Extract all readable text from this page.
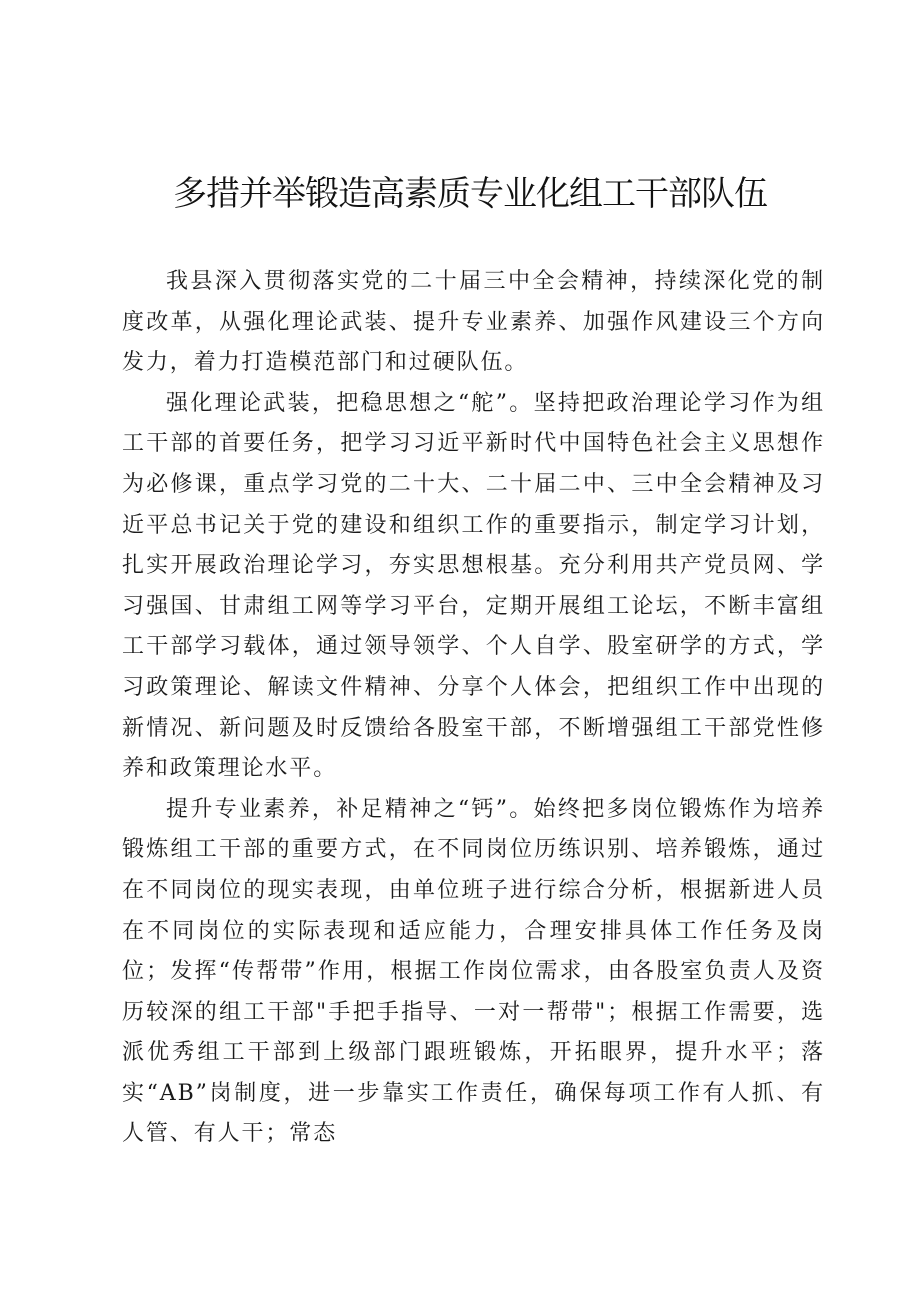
多措并举锻造高素质专业化组工干部队伍

我县深入贯彻落实党的二十届三中全会精神，持续深化党的制度改革，从强化理论武装、提升专业素养、加强作风建设三个方向发力，着力打造模范部门和过硬队伍。

强化理论武装，把稳思想之“舵”。坚持把政治理论学习作为组工干部的首要任务，把学习习近平新时代中国特色社会主义思想作为必修课，重点学习党的二十大、二十届二中、三中全会精神及习近平总书记关于党的建设和组织工作的重要指示，制定学习计划，扎实开展政治理论学习，夯实思想根基。充分利用共产党员网、学习强国、甘肃组工网等学习平台，定期开展组工论坛，不断丰富组工干部学习载体，通过领导领学、个人自学、股室研学的方式，学习政策理论、解读文件精神、分享个人体会，把组织工作中出现的新情况、新问题及时反馈给各股室干部，不断增强组工干部党性修养和政策理论水平。

提升专业素养，补足精神之“钙”。始终把多岗位锻炼作为培养锻炼组工干部的重要方式，在不同岗位历练识别、培养锻炼，通过在不同岗位的现实表现，由单位班子进行综合分析，根据新进人员在不同岗位的实际表现和适应能力，合理安排具体工作任务及岗位；发挥“传帮带”作用，根据工作岗位需求，由各股室负责人及资历较深的组工干部"手把手指导、一对一帮带"；根据工作需要，选派优秀组工干部到上级部门跟班锻炼，开拓眼界，提升水平；落实“AB”岗制度，进一步靠实工作责任，确保每项工作有人抓、有人管、有人干；常态
